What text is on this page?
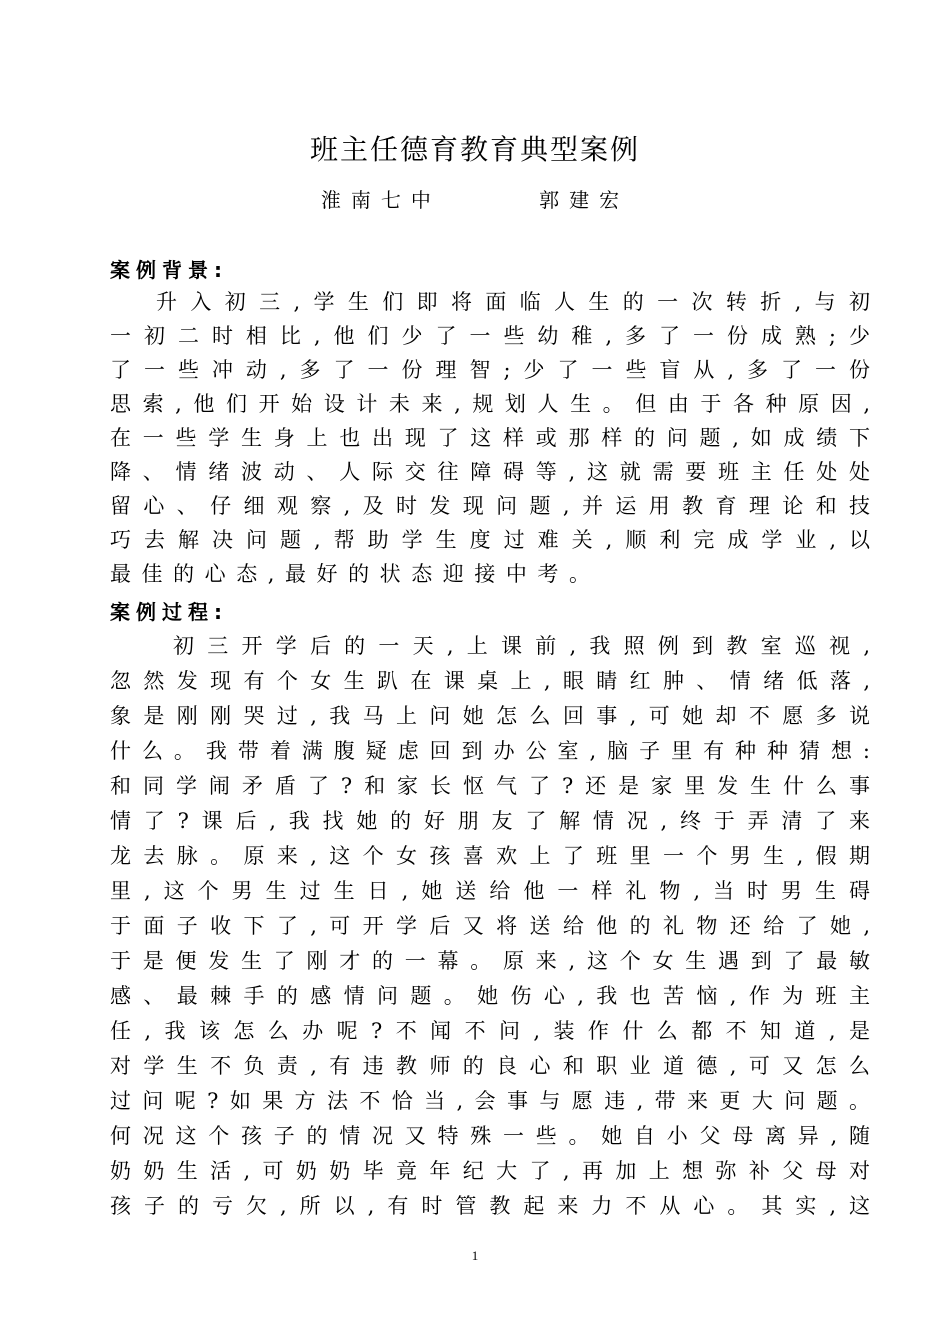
班主任德育教育典型案例
淮南七中      郭建宏
案例背景:
升入初三,学生们即将面临人生的一次转折,与初
一初二时相比,他们少了一些幼稚,多了一份成熟;少
了一些冲动,多了一份理智;少了一些盲从,多了一份
思索,他们开始设计未来,规划人生。但由于各种原因,
在一些学生身上也出现了这样或那样的问题,如成绩下
降、情绪波动、人际交往障碍等,这就需要班主任处处
留心、仔细观察,及时发现问题,并运用教育理论和技
巧去解决问题,帮助学生度过难关,顺利完成学业,以
最佳的心态,最好的状态迎接中考。
案例过程:
初三开学后的一天,上课前,我照例到教室巡视,
忽然发现有个女生趴在课桌上,眼睛红肿、情绪低落,
象是刚刚哭过,我马上问她怎么回事,可她却不愿多说
什么。我带着满腹疑虑回到办公室,脑子里有种种猜想:
和同学闹矛盾了?和家长怄气了?还是家里发生什么事
情了?课后,我找她的好朋友了解情况,终于弄清了来
龙去脉。原来,这个女孩喜欢上了班里一个男生,假期
里,这个男生过生日,她送给他一样礼物,当时男生碍
于面子收下了,可开学后又将送给他的礼物还给了她,
于是便发生了刚才的一幕。原来,这个女生遇到了最敏
感、最棘手的感情问题。她伤心,我也苦恼,作为班主
任,我该怎么办呢?不闻不问,装作什么都不知道,是
对学生不负责,有违教师的良心和职业道德,可又怎么
过问呢?如果方法不恰当,会事与愿违,带来更大问题。
何况这个孩子的情况又特殊一些。她自小父母离异,随
奶奶生活,可奶奶毕竟年纪大了,再加上想弥补父母对
孩子的亏欠,所以,有时管教起来力不从心。其实,这
1
